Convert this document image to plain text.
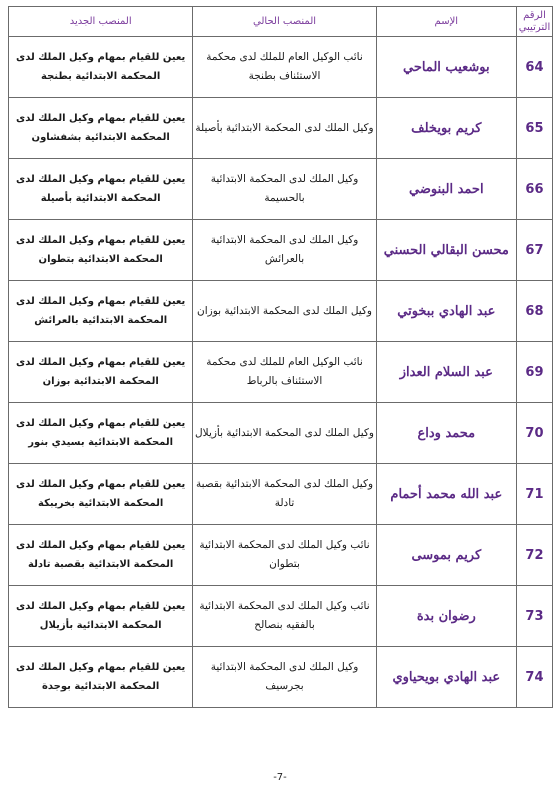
الرقم الترتيبي	الإسم	المنصب الحالي	المنصب الجديد
64	بوشعيب الماحي	نائب الوكيل العام للملك لدى محكمة الاستئناف بطنجة	يعين للقيام بمهام وكيل الملك لدى المحكمة الابتدائية بطنجة
65	كريم بويخلف	وكيل الملك لدى المحكمة الابتدائية بأصيلة	يعين للقيام بمهام وكيل الملك لدى المحكمة الابتدائية بشفشاون
66	احمد البنوضي	وكيل الملك لدى المحكمة الابتدائية بالحسيمة	يعين للقيام بمهام وكيل الملك لدى المحكمة الابتدائية بأصيلة
67	محسن البقالي الحسني	وكيل الملك لدى المحكمة الابتدائية بالعرائش	يعين للقيام بمهام وكيل الملك لدى المحكمة الابتدائية بتطوان
68	عبد الهادي ببخوتي	وكيل الملك لدى المحكمة الابتدائية بوزان	يعين للقيام بمهام وكيل الملك لدى المحكمة الابتدائية بالعرائش
69	عبد السلام العداز	نائب الوكيل العام للملك لدى محكمة الاستئناف بالرباط	يعين للقيام بمهام وكيل الملك لدى المحكمة الابتدائية بوزان
70	محمد وداع	وكيل الملك لدى المحكمة الابتدائية بأزيلال	يعين للقيام بمهام وكيل الملك لدى المحكمة الابتدائية بسيدي بنور
71	عبد الله محمد أحمام	وكيل الملك لدى المحكمة الابتدائية بقصبة تادلة	يعين للقيام بمهام وكيل الملك لدى المحكمة الابتدائية بخريبكة
72	كريم بموسى	نائب وكيل الملك لدى المحكمة الابتدائية بتطوان	يعين للقيام بمهام وكيل الملك لدى المحكمة الابتدائية بقصبة تادلة
73	رضوان بدة	نائب وكيل الملك لدى المحكمة الابتدائية بالفقيه بنصالح	يعين للقيام بمهام وكيل الملك لدى المحكمة الابتدائية بأزيلال
74	عبد الهادي بويحياوي	وكيل الملك لدى المحكمة الابتدائية بجرسيف	يعين للقيام بمهام وكيل الملك لدى المحكمة الابتدائية بوجدة
-7-
